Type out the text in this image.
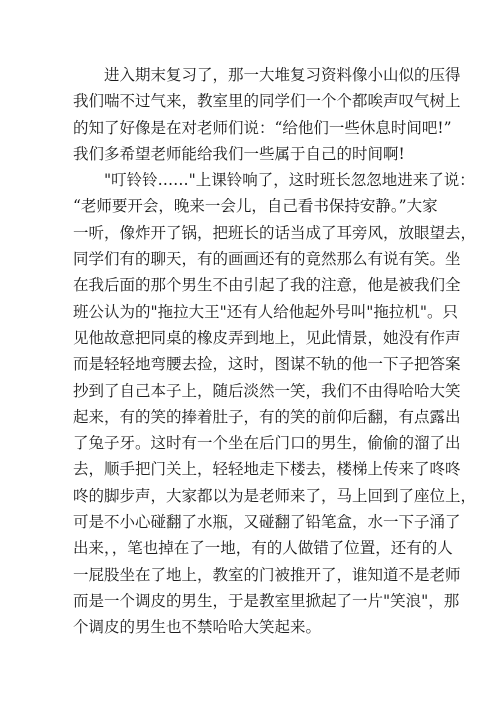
进入期末复习了，那一大堆复习资料像小山似的压得
我们喘不过气来，教室里的同学们一个个都唉声叹气树上
的知了好像是在对老师们说：“给他们一些休息时间吧!”
我们多希望老师能给我们一些属于自己的时间啊!
"叮铃铃……"上课铃响了，这时班长忽忽地进来了说：
“老师要开会，晚来一会儿，自己看书保持安静。”大家
一听，像炸开了锅，把班长的话当成了耳旁风，放眼望去，
同学们有的聊天，有的画画还有的竟然那么有说有笑。坐
在我后面的那个男生不由引起了我的注意，他是被我们全
班公认为的"拖拉大王"还有人给他起外号叫"拖拉机"。只
见他故意把同桌的橡皮弄到地上，见此情景，她没有作声
而是轻轻地弯腰去捡，这时，图谋不轨的他一下子把答案
抄到了自己本子上，随后淡然一笑，我们不由得哈哈大笑
起来，有的笑的捧着肚子，有的笑的前仰后翻，有点露出
了兔子牙。这时有一个坐在后门口的男生，偷偷的溜了出
去，顺手把门关上，轻轻地走下楼去，楼梯上传来了咚咚
咚的脚步声，大家都以为是老师来了，马上回到了座位上，
可是不小心碰翻了水瓶，又碰翻了铅笔盒，水一下子涌了
出来，，笔也掉在了一地，有的人做错了位置，还有的人
一屁股坐在了地上，教室的门被推开了，谁知道不是老师
而是一个调皮的男生，于是教室里掀起了一片"笑浪"，那
个调皮的男生也不禁哈哈大笑起来。
